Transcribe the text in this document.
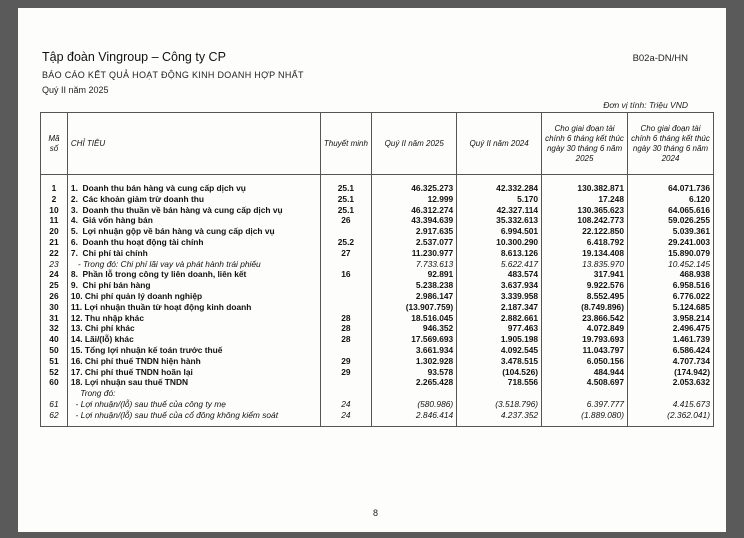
Tập đoàn Vingroup – Công ty CP	B02a-DN/HN
BÁO CÁO KẾT QUẢ HOẠT ĐỘNG KINH DOANH HỢP NHẤT
Quý II năm 2025
Đơn vị tính: Triệu VND
Mã số	CHỈ TIÊU	Thuyết minh	Quý II năm 2025	Quý II năm 2024	Cho giai đoạn tài chính 6 tháng kết thúc ngày 30 tháng 6 năm 2025	Cho giai đoạn tài chính 6 tháng kết thúc ngày 30 tháng 6 năm 2024
1	1.  Doanh thu bán hàng và cung cấp dịch vụ	25.1	46.325.273	42.332.284	130.382.871	64.071.736
2	2.  Các khoản giảm trừ doanh thu	25.1	12.999	5.170	17.248	6.120
10	3.  Doanh thu thuần về bán hàng và cung cấp dịch vụ	25.1	46.312.274	42.327.114	130.365.623	64.065.616
11	4.  Giá vốn hàng bán	26	43.394.639	35.332.613	108.242.773	59.026.255
20	5.  Lợi nhuận gộp về bán hàng và cung cấp dịch vụ		2.917.635	6.994.501	22.122.850	5.039.361
21	6.  Doanh thu hoạt động tài chính	25.2	2.537.077	10.300.290	6.418.792	29.241.003
22	7.  Chi phí tài chính	27	11.230.977	8.613.126	19.134.408	15.890.079
23	- Trong đó: Chi phí lãi vay và phát hành trái phiếu		7.733.613	5.622.417	13.835.970	10.452.145
24	8.  Phần lỗ trong công ty liên doanh, liên kết	16	92.891	483.574	317.941	468.938
25	9.  Chi phí bán hàng		5.238.238	3.637.934	9.922.576	6.958.516
26	10. Chi phí quản lý doanh nghiệp		2.986.147	3.339.958	8.552.495	6.776.022
30	11. Lợi nhuận thuần từ hoạt động kinh doanh		(13.907.759)	2.187.347	(8.749.896)	5.124.685
31	12. Thu nhập khác	28	18.516.045	2.882.661	23.866.542	3.958.214
32	13. Chi phí khác	28	946.352	977.463	4.072.849	2.496.475
40	14. Lãi/(lỗ) khác	28	17.569.693	1.905.198	19.793.693	1.461.739
50	15. Tổng lợi nhuận kế toán trước thuế		3.661.934	4.092.545	11.043.797	6.586.424
51	16. Chi phí thuế TNDN hiện hành	29	1.302.928	3.478.515	6.050.156	4.707.734
52	17. Chi phí thuế TNDN hoãn lại	29	93.578	(104.526)	484.944	(174.942)
60	18. Lợi nhuận sau thuế TNDN		2.265.428	718.556	4.508.697	2.053.632
	Trong đó:					
61	- Lợi nhuận/(lỗ) sau thuế của công ty mẹ	24	(580.986)	(3.518.796)	6.397.777	4.415.673
62	- Lợi nhuận/(lỗ) sau thuế của cổ đông không kiểm soát	24	2.846.414	4.237.352	(1.889.080)	(2.362.041)
8
